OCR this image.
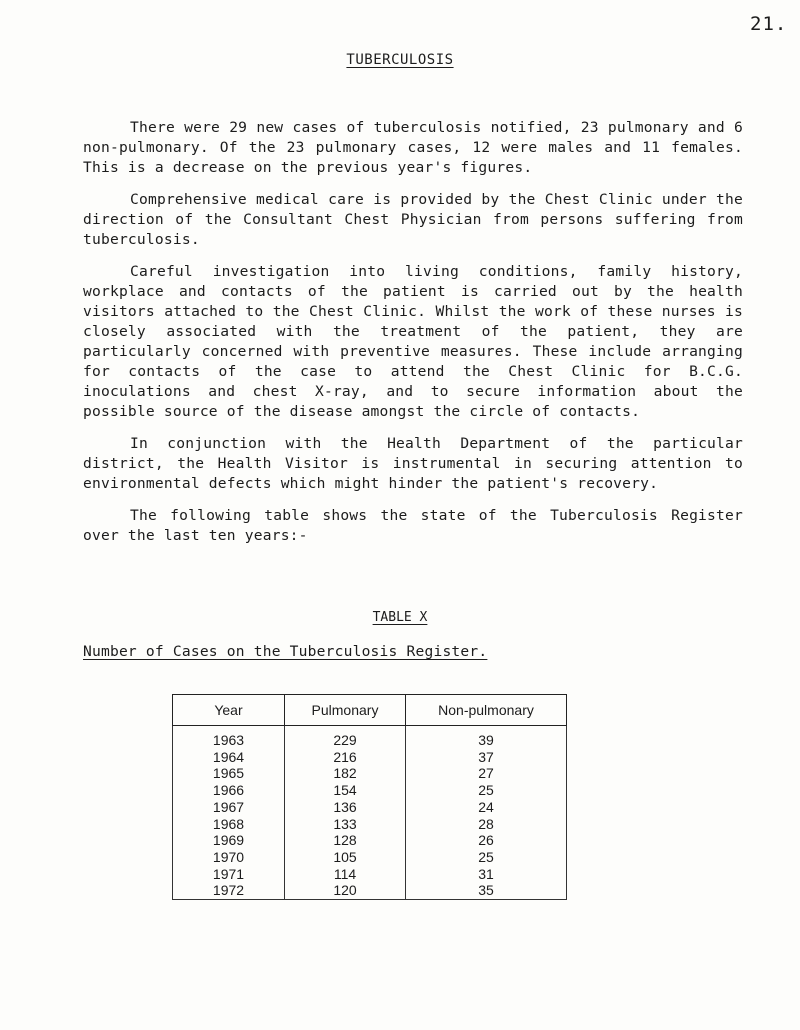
21.
TUBERCULOSIS

There were 29 new cases of tuberculosis notified, 23 pulmonary and 6 non-pulmonary. Of the 23 pulmonary cases, 12 were males and 11 females. This is a decrease on the previous year's figures.

Comprehensive medical care is provided by the Chest Clinic under the direction of the Consultant Chest Physician from persons suffering from tuberculosis.

Careful investigation into living conditions, family history, workplace and contacts of the patient is carried out by the health visitors attached to the Chest Clinic. Whilst the work of these nurses is closely associated with the treatment of the patient, they are particularly concerned with preventive measures. These include arranging for contacts of the case to attend the Chest Clinic for B.C.G. inoculations and chest X-ray, and to secure information about the possible source of the disease amongst the circle of contacts.

In conjunction with the Health Department of the particular district, the Health Visitor is instrumental in securing attention to environmental defects which might hinder the patient's recovery.

The following table shows the state of the Tuberculosis Register over the last ten years:-

TABLE X
Number of Cases on the Tuberculosis Register.
Year	Pulmonary	Non-pulmonary
1963	229	39
1964	216	37
1965	182	27
1966	154	25
1967	136	24
1968	133	28
1969	128	26
1970	105	25
1971	114	31
1972	120	35
